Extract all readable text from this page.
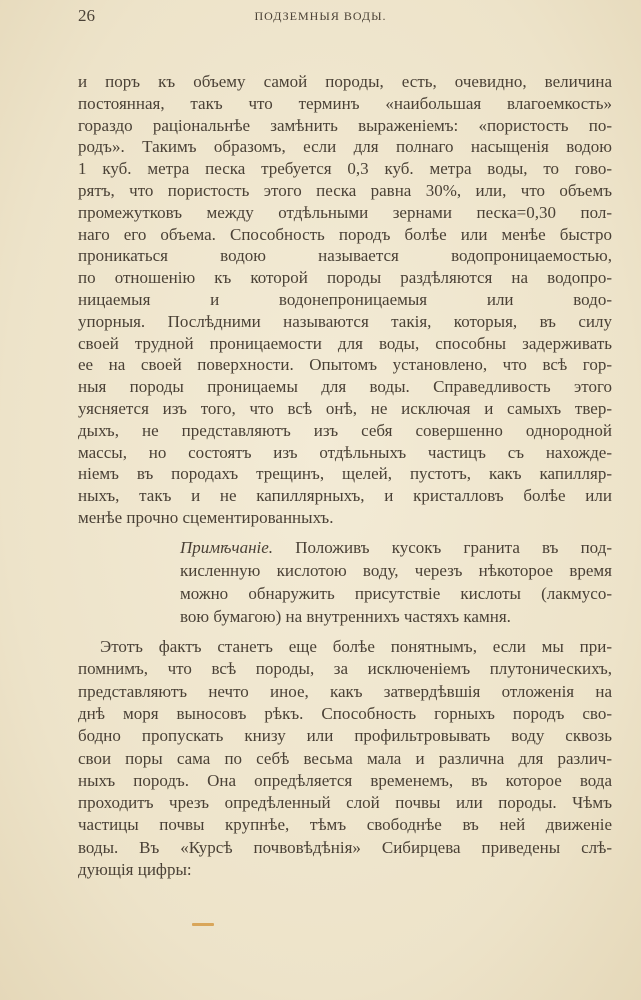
26	ПОДЗЕМНЫЯ ВОДЫ.
и поръ къ объему самой породы, есть, очевидно, величина
постоянная, такъ что терминъ «наибольшая влагоемкость»
гораздо раціональнѣе замѣнить выраженіемъ: «пористость по-
родъ». Такимъ образомъ, если для полнаго насыщенія водою
1 куб. метра песка требуется 0,3 куб. метра воды, то гово-
рятъ, что пористость этого песка равна 30%, или, что объемъ
промежутковъ между отдѣльными зернами песка=0,30 пол-
наго его объема. Способность породъ болѣе или менѣе быстро
проникаться водою называется водопроницаемостью,
по отношенію къ которой породы раздѣляются на водопро-
ницаемыя и водонепроницаемыя или водо-
упорныя. Послѣдними называются такія, которыя, въ силу
своей трудной проницаемости для воды, способны задерживать
ее на своей поверхности. Опытомъ установлено, что всѣ гор-
ныя породы проницаемы для воды. Справедливость этого
уясняется изъ того, что всѣ онѣ, не исключая и самыхъ твер-
дыхъ, не представляютъ изъ себя совершенно однородной
массы, но состоятъ изъ отдѣльныхъ частицъ съ нахожде-
ніемъ въ породахъ трещинъ, щелей, пустотъ, какъ капилляр-
ныхъ, такъ и не капиллярныхъ, и кристалловъ болѣе или
менѣе прочно сцементированныхъ.
Примѣчаніе. Положивъ кусокъ гранита въ под-
кисленную кислотою воду, черезъ нѣкоторое время
можно обнаружить присутствіе кислоты (лакмусо-
вою бумагою) на внутреннихъ частяхъ камня.
Этотъ фактъ станетъ еще болѣе понятнымъ, если мы при-
помнимъ, что всѣ породы, за исключеніемъ плутоническихъ,
представляютъ нечто иное, какъ затвердѣвшія отложенія на
днѣ моря выносовъ рѣкъ. Способность горныхъ породъ сво-
бодно пропускать книзу или профильтровывать воду сквозь
свои поры сама по себѣ весьма мала и различна для различ-
ныхъ породъ. Она опредѣляется временемъ, въ которое вода
проходитъ чрезъ опредѣленный слой почвы или породы. Чѣмъ
частицы почвы крупнѣе, тѣмъ свободнѣе въ ней движеніе
воды. Въ «Курсѣ почвовѣдѣнія» Сибирцева приведены слѣ-
дующія цифры:
